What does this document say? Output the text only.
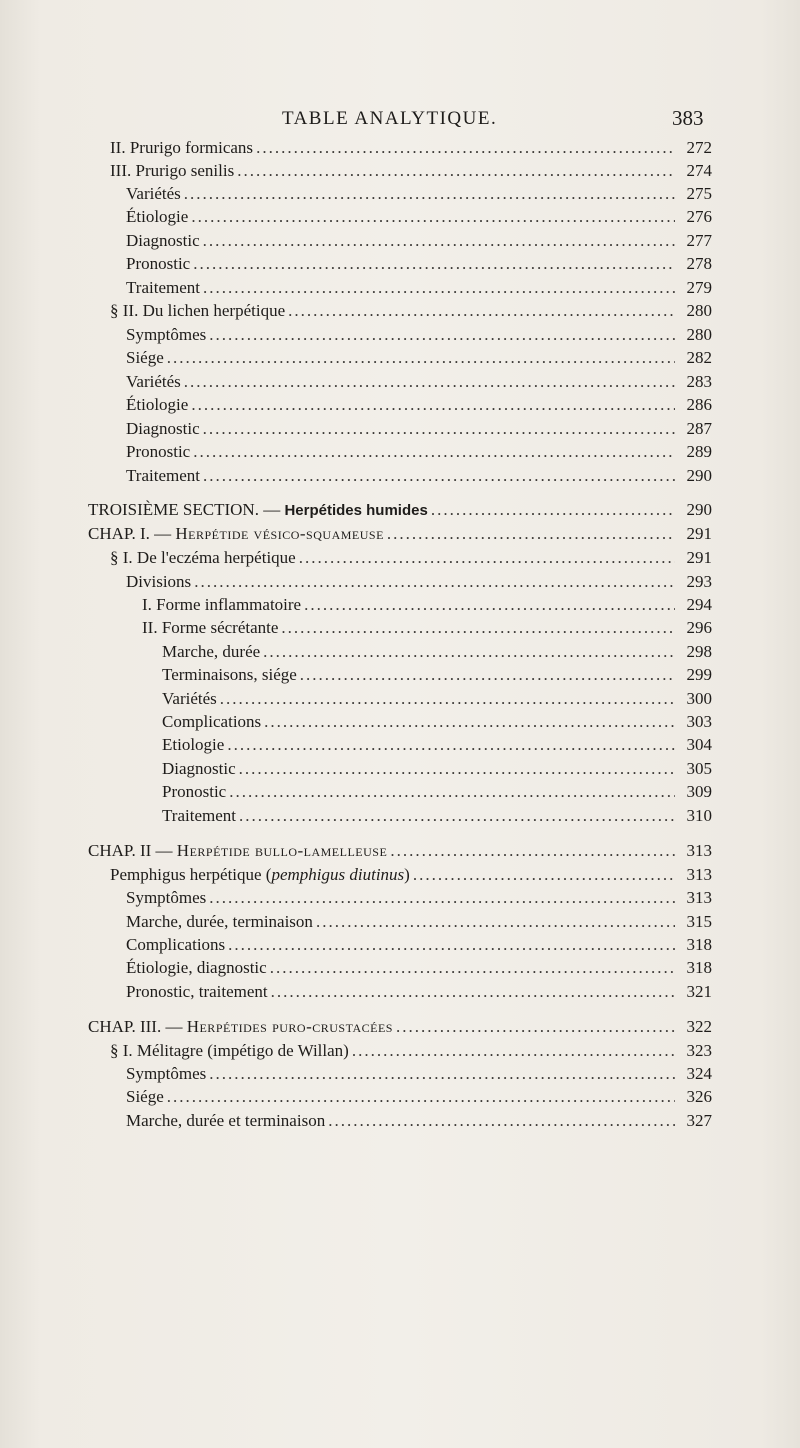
TABLE ANALYTIQUE.	383
II. Prurigo formicans .....	272
III. Prurigo senilis .....	274
Variétés .....	275
Étiologie .....	276
Diagnostic .....	277
Pronostic .....	278
Traitement .....	279
§ II. Du lichen herpétique .....	280
Symptômes .....	280
Siége .....	282
Variétés .....	283
Étiologie .....	286
Diagnostic .....	287
Pronostic .....	289
Traitement .....	290
TROISIÈME SECTION. — Herpétides humides .....	290
CHAP. I. — Herpétide vésico-squameuse .....	291
§ I. De l'eczéma herpétique .....	291
Divisions .....	293
I. Forme inflammatoire .....	294
II. Forme sécrétante .....	296
Marche, durée .....	298
Terminaisons, siége .....	299
Variétés .....	300
Complications .....	303
Etiologie .....	304
Diagnostic .....	305
Pronostic .....	309
Traitement .....	310
CHAP. II — Herpétide bullo-lamelleuse .....	313
Pemphigus herpétique (pemphigus diutinus) .....	313
Symptômes .....	313
Marche, durée, terminaison .....	315
Complications .....	318
Étiologie, diagnostic .....	318
Pronostic, traitement .....	321
CHAP. III. — Herpétides puro-crustacées .....	322
§ I. Mélitagre (impétigo de Willan) .....	323
Symptômes .....	324
Siége .....	326
Marche, durée et terminaison .....	327
